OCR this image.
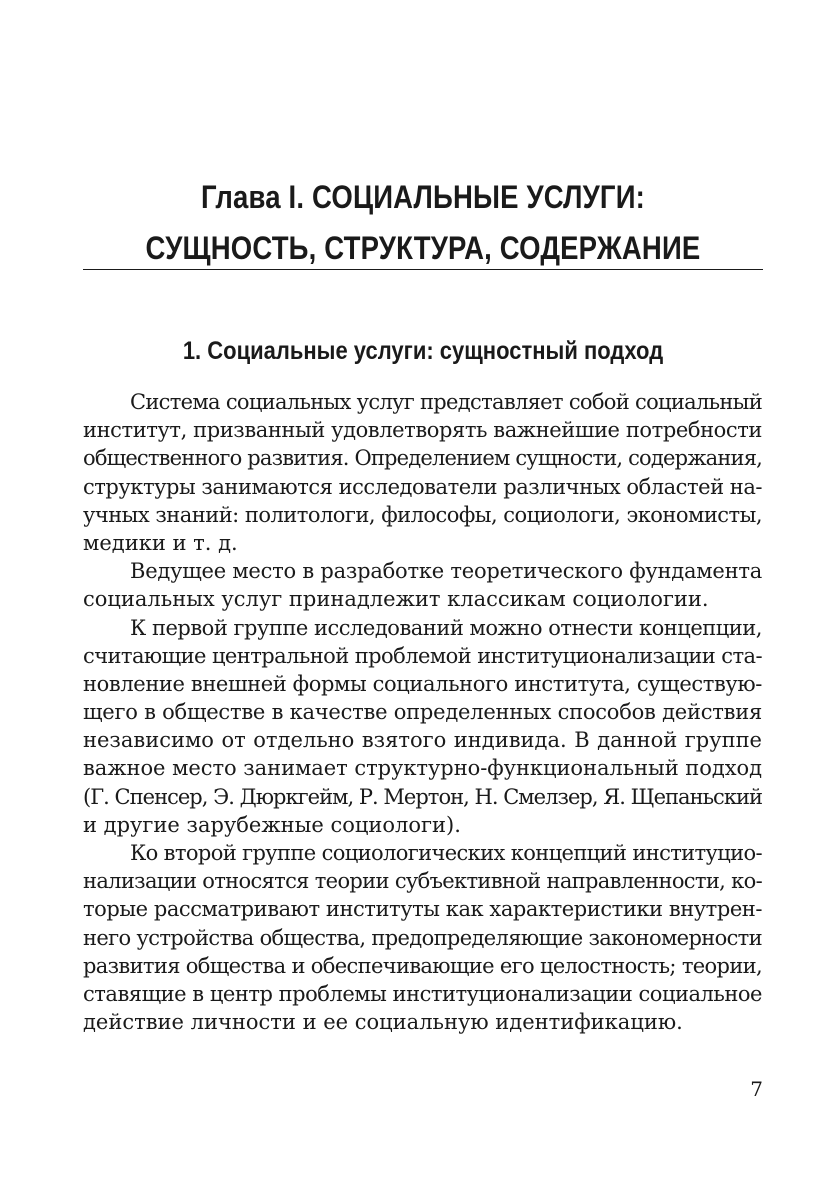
Глава I. СОЦИАЛЬНЫЕ УСЛУГИ:
СУЩНОСТЬ, СТРУКТУРА, СОДЕРЖАНИЕ
1. Социальные услуги: сущностный подход
Система социальных услуг представляет собой социальный
институт, призванный удовлетворять важнейшие потребности
общественного развития. Определением сущности, содержания,
структуры занимаются исследователи различных областей на-
учных знаний: политологи, философы, социологи, экономисты,
медики и т. д.
Ведущее место в разработке теоретического фундамента
социальных услуг принадлежит классикам социологии.
К первой группе исследований можно отнести концепции,
считающие центральной проблемой институционализации ста-
новление внешней формы социального института, существую-
щего в обществе в качестве определенных способов действия
независимо от отдельно взятого индивида. В данной группе
важное место занимает структурно-функциональный подход
(Г. Спенсер, Э. Дюркгейм, Р. Мертон, Н. Смелзер, Я. Щепаньский
и другие зарубежные социологи).
Ко второй группе социологических концепций институцио-
нализации относятся теории субъективной направленности, ко-
торые рассматривают институты как характеристики внутрен-
него устройства общества, предопределяющие закономерности
развития общества и обеспечивающие его целостность; теории,
ставящие в центр проблемы институционализации социальное
действие личности и ее социальную идентификацию.
7
